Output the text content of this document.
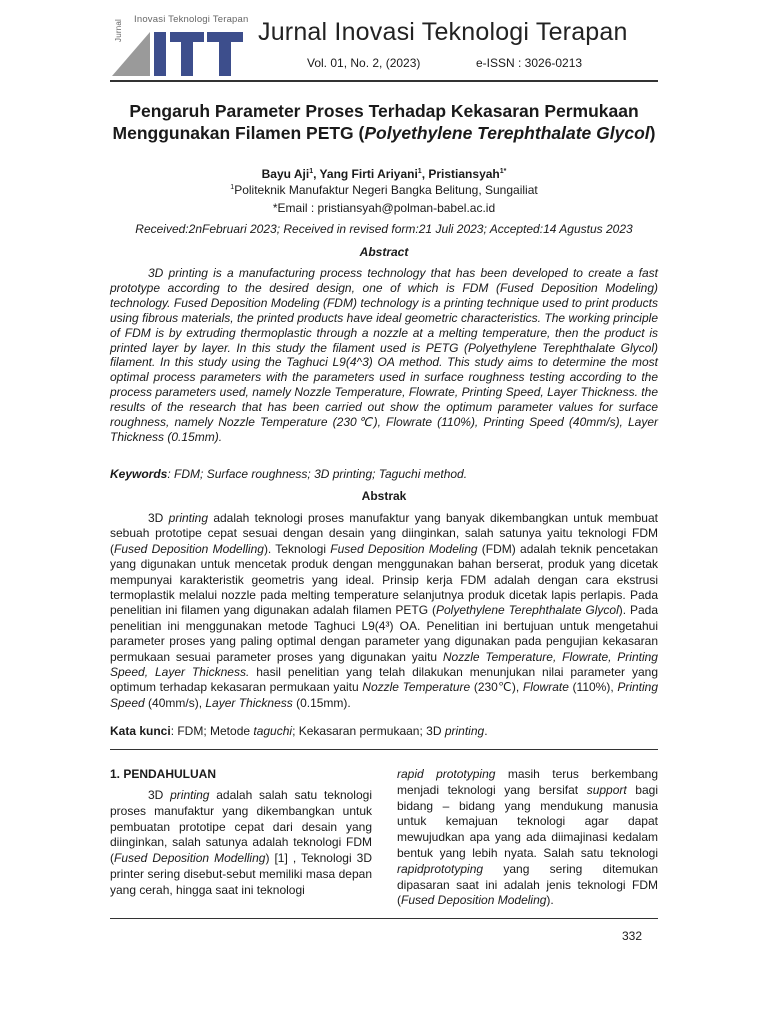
Inovasi Teknologi Terapan
Jurnal	Jurnal Inovasi Teknologi Terapan
Vol. 01, No. 2, (2023)	e-ISSN : 3026-0213
Pengaruh Parameter Proses Terhadap Kekasaran Permukaan Menggunakan Filamen PETG (Polyethylene Terephthalate Glycol)
Bayu Aji$^1$, Yang Firti Ariyani$^1$, Pristiansyah$^{1*}$
$^1$Politeknik Manufaktur Negeri Bangka Belitung, Sungailiat
*Email : pristiansyah@polman-babel.ac.id
Received:2nFebruari 2023; Received in revised form:21 Juli 2023; Accepted:14 Agustus 2023
Abstract
3D printing is a manufacturing process technology that has been developed to create a fast prototype according to the desired design, one of which is FDM (Fused Deposition Modeling) technology. Fused Deposition Modeling (FDM) technology is a printing technique used to print products using fibrous materials, the printed products have ideal geometric characteristics. The working principle of FDM is by extruding thermoplastic through a nozzle at a melting temperature, then the product is printed layer by layer. In this study the filament used is PETG (Polyethylene Terephthalate Glycol) filament. In this study using the Taghuci L9(4^3) OA method. This study aims to determine the most optimal process parameters with the parameters used in surface roughness testing according to the process parameters used, namely Nozzle Temperature, Flowrate, Printing Speed, Layer Thickness. the results of the research that has been carried out show the optimum parameter values for surface roughness, namely Nozzle Temperature (230℃), Flowrate (110%), Printing Speed (40mm/s), Layer Thickness (0.15mm).
Keywords: FDM; Surface roughness; 3D printing; Taguchi method.
Abstrak
3D printing adalah teknologi proses manufaktur yang banyak dikembangkan untuk membuat sebuah prototipe cepat sesuai dengan desain yang diinginkan, salah satunya yaitu teknologi FDM (Fused Deposition Modelling). Teknologi Fused Deposition Modeling (FDM) adalah teknik pencetakan yang digunakan untuk mencetak produk dengan menggunakan bahan berserat, produk yang dicetak mempunyai karakteristik geometris yang ideal. Prinsip kerja FDM adalah dengan cara ekstrusi termoplastik melalui nozzle pada melting temperature selanjutnya produk dicetak lapis perlapis. Pada penelitian ini filamen yang digunakan adalah filamen PETG (Polyethylene Terephthalate Glycol). Pada penelitian ini menggunakan metode Taghuci L9(4³) OA. Penelitian ini bertujuan untuk mengetahui parameter proses yang paling optimal dengan parameter yang digunakan pada pengujian kekasaran permukaan sesuai parameter proses yang digunakan yaitu Nozzle Temperature, Flowrate, Printing Speed, Layer Thickness. hasil penelitian yang telah dilakukan menunjukan nilai parameter yang optimum terhadap kekasaran permukaan yaitu Nozzle Temperature (230℃), Flowrate (110%), Printing Speed (40mm/s), Layer Thickness (0.15mm).
Kata kunci: FDM; Metode taguchi; Kekasaran permukaan; 3D printing.
1. PENDAHULUAN
3D printing adalah salah satu teknologi proses manufaktur yang dikembangkan untuk pembuatan prototipe cepat dari desain yang diinginkan, salah satunya adalah teknologi FDM (Fused Deposition Modelling) [1] , Teknologi 3D printer sering disebut-sebut memiliki masa depan yang cerah, hingga saat ini teknologi
rapid prototyping masih terus berkembang menjadi teknologi yang bersifat support bagi bidang – bidang yang mendukung manusia untuk kemajuan teknologi agar dapat mewujudkan apa yang ada diimajinasi kedalam bentuk yang lebih nyata. Salah satu teknologi rapidprototyping yang sering ditemukan dipasaran saat ini adalah jenis teknologi FDM (Fused Deposition Modeling).
332
